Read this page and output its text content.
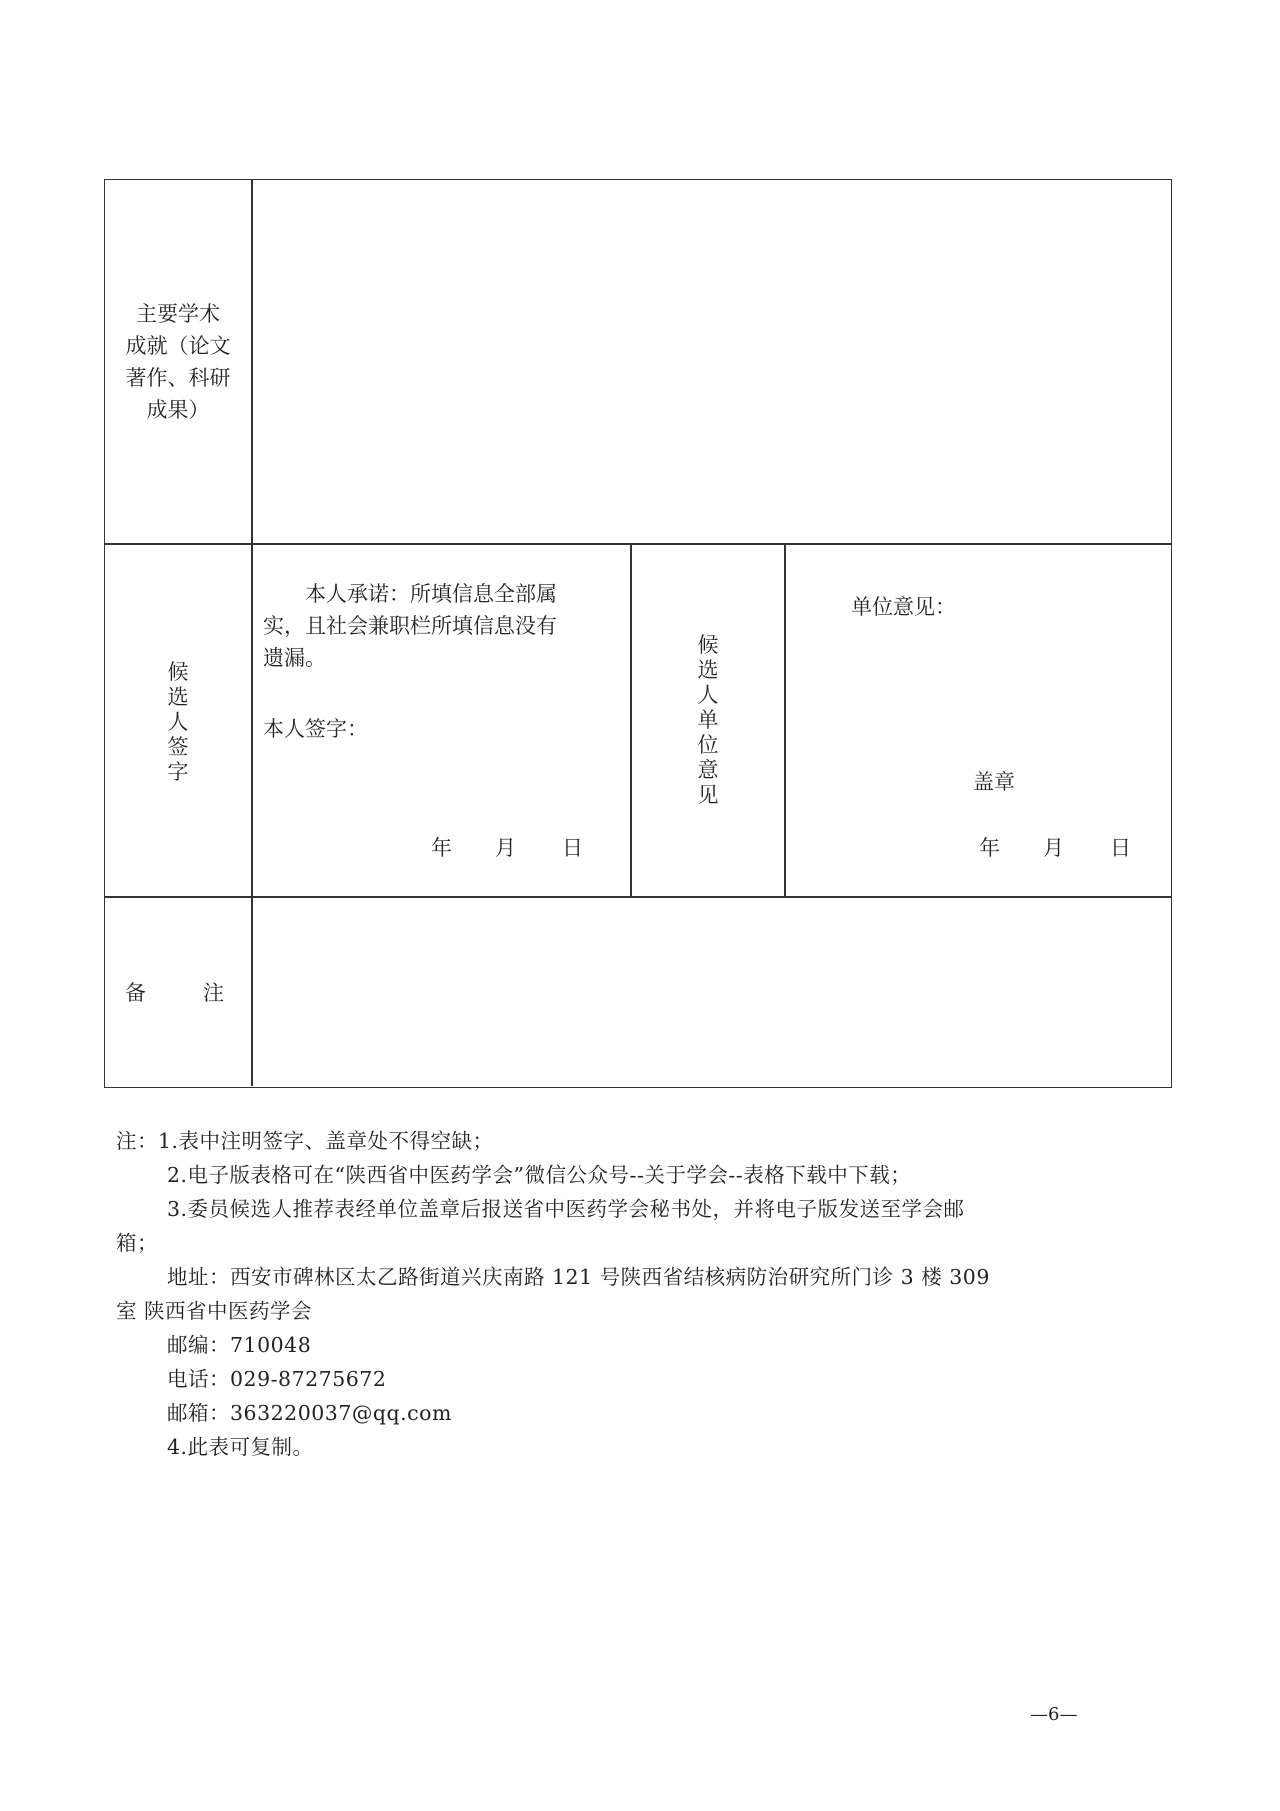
主要学术
成就（论文
著作、科研
成果）
候选人签字
本人承诺：所填信息全部属
实，且社会兼职栏所填信息没有
遗漏。
本人签字：
年 月 日
候选人单位意见
单位意见：
盖章
年 月 日
备	注
注：1.表中注明签字、盖章处不得空缺；
2.电子版表格可在“陕西省中医药学会”微信公众号--关于学会--表格下载中下载；
3.委员候选人推荐表经单位盖章后报送省中医药学会秘书处，并将电子版发送至学会邮
箱；
地址：西安市碑林区太乙路街道兴庆南路 121 号陕西省结核病防治研究所门诊 3 楼 309
室 陕西省中医药学会
邮编：710048
电话：029-87275672
邮箱：363220037@qq.com
4.此表可复制。
—6—
